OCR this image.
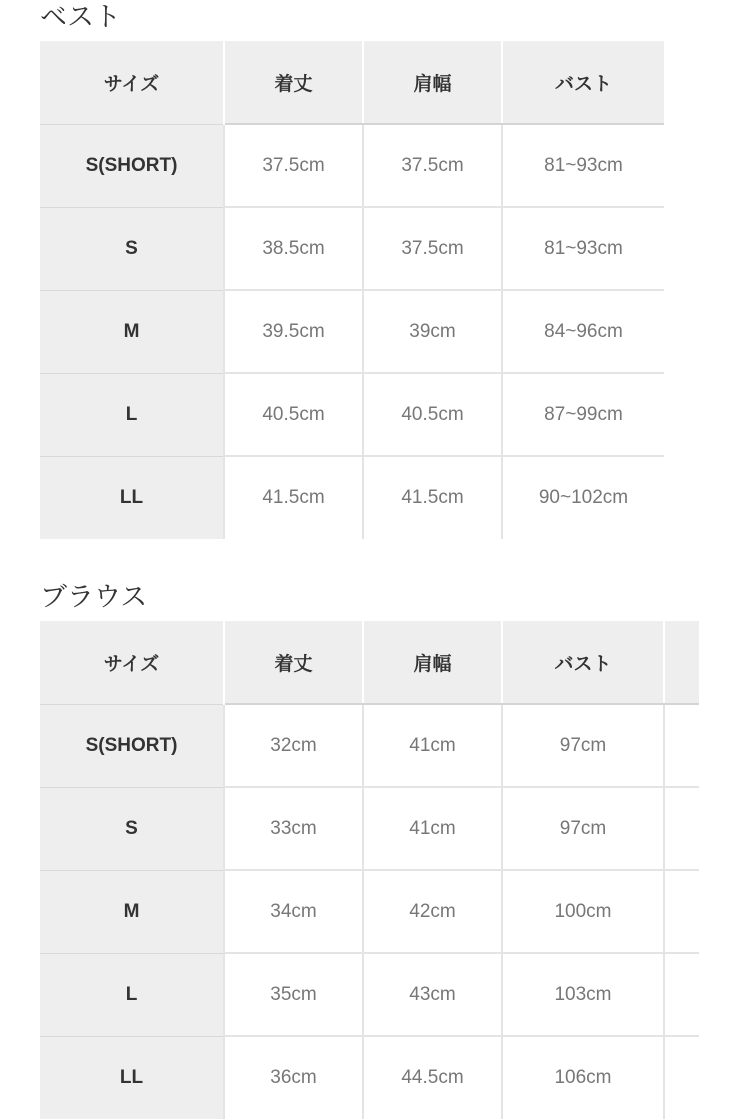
ベスト
サイズ	着丈	肩幅	バスト
S(SHORT)	37.5cm	37.5cm	81~93cm
S	38.5cm	37.5cm	81~93cm
M	39.5cm	39cm	84~96cm
L	40.5cm	40.5cm	87~99cm
LL	41.5cm	41.5cm	90~102cm
ブラウス
サイズ	着丈	肩幅	バスト	
S(SHORT)	32cm	41cm	97cm	
S	33cm	41cm	97cm	
M	34cm	42cm	100cm	
L	35cm	43cm	103cm	
LL	36cm	44.5cm	106cm	
